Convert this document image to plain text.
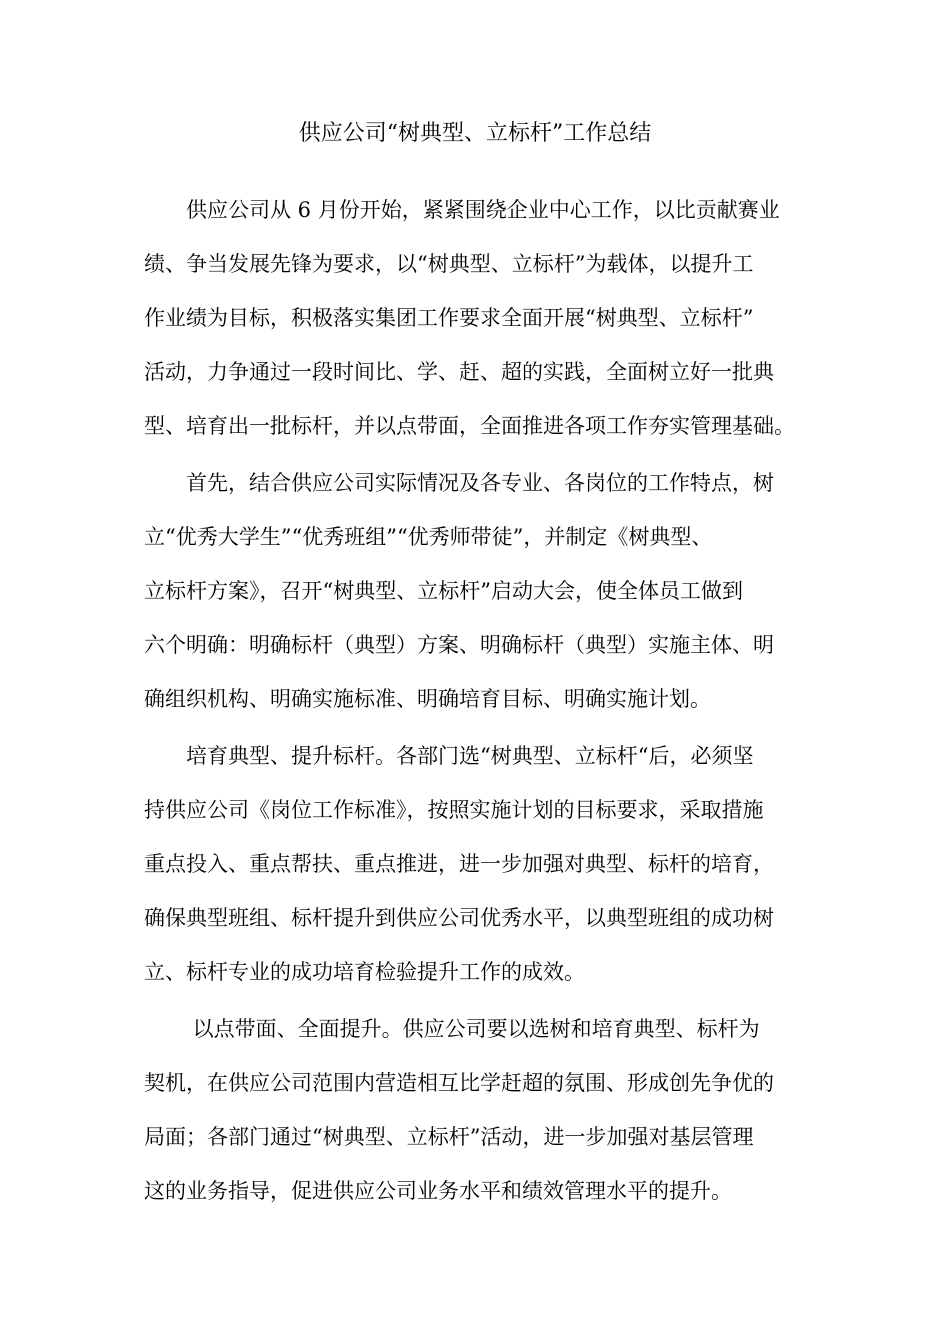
供应公司“树典型、立标杆”工作总结
　　供应公司从 6 月份开始，紧紧围绕企业中心工作，以比贡献赛业
绩、争当发展先锋为要求，以“树典型、立标杆”为载体，以提升工
作业绩为目标，积极落实集团工作要求全面开展“树典型、立标杆”
活动，力争通过一段时间比、学、赶、超的实践，全面树立好一批典
型、培育出一批标杆，并以点带面，全面推进各项工作夯实管理基础。
　　首先，结合供应公司实际情况及各专业、各岗位的工作特点，树
立“优秀大学生”“优秀班组”“优秀师带徒”，并制定《树典型、
立标杆方案》，召开“树典型、立标杆”启动大会，使全体员工做到
六个明确：明确标杆（典型）方案、明确标杆（典型）实施主体、明
确组织机构、明确实施标准、明确培育目标、明确实施计划。
　　培育典型、提升标杆。各部门选“树典型、立标杆“后，必须坚
持供应公司《岗位工作标准》，按照实施计划的目标要求，采取措施
重点投入、重点帮扶、重点推进，进一步加强对典型、标杆的培育，
确保典型班组、标杆提升到供应公司优秀水平，以典型班组的成功树
立、标杆专业的成功培育检验提升工作的成效。
　　 以点带面、全面提升。供应公司要以选树和培育典型、标杆为
契机，在供应公司范围内营造相互比学赶超的氛围、形成创先争优的
局面；各部门通过“树典型、立标杆”活动，进一步加强对基层管理
这的业务指导，促进供应公司业务水平和绩效管理水平的提升。
